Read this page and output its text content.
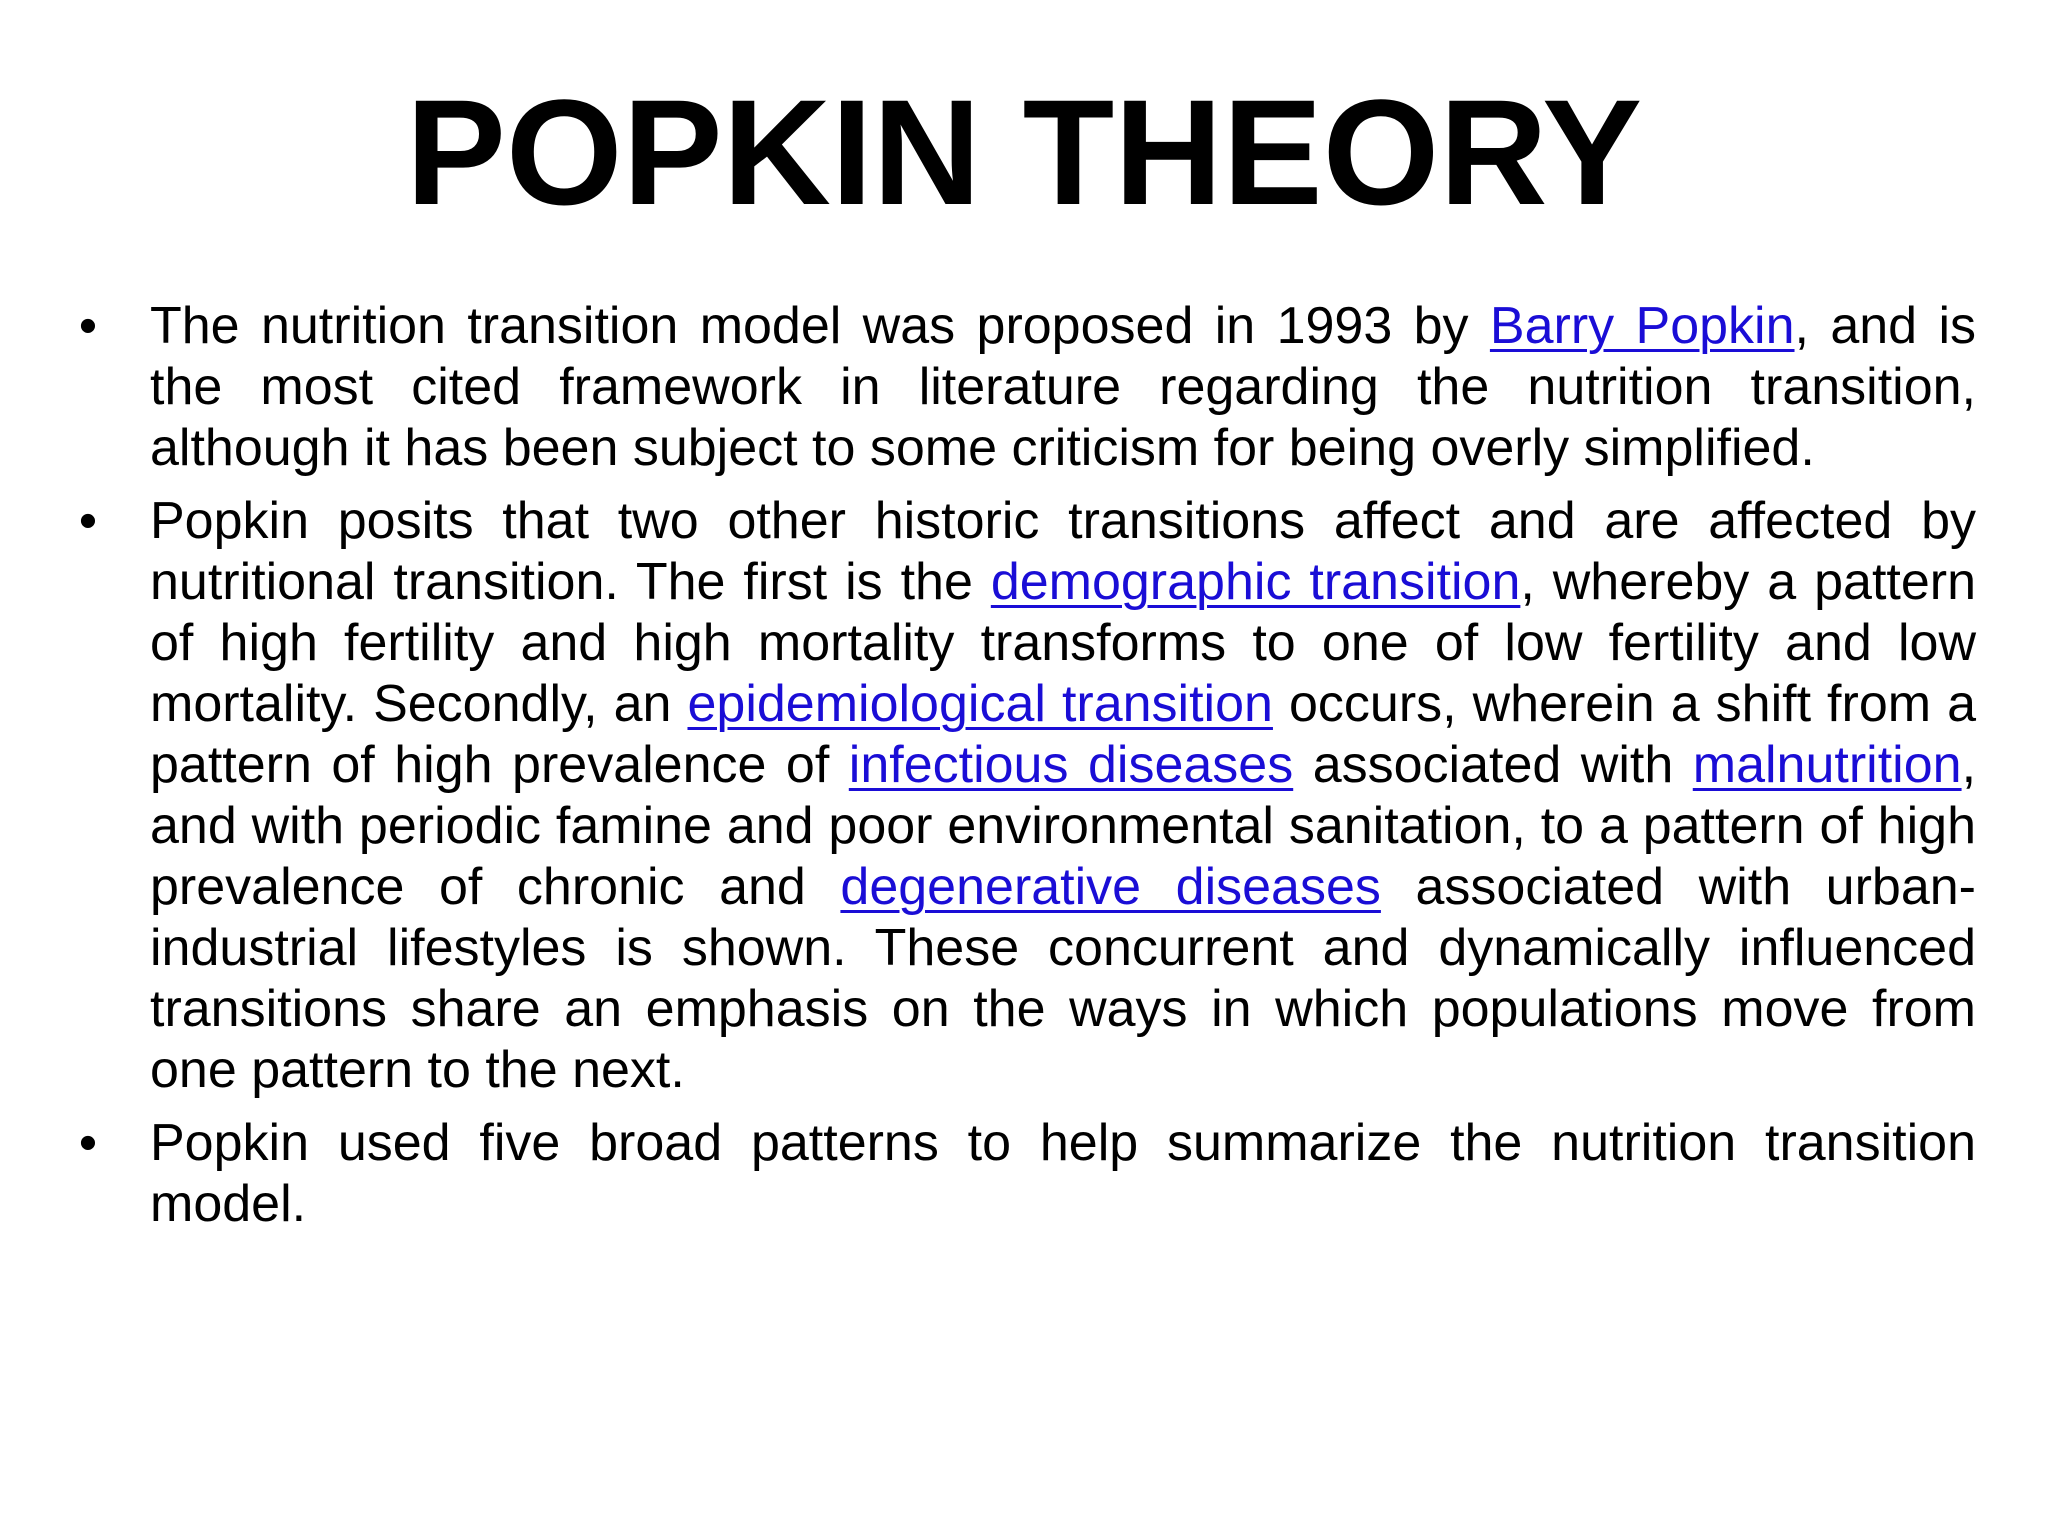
POPKIN THEORY
• The nutrition transition model was proposed in 1993 by Barry Popkin, and is the most cited framework in literature regarding the nutrition transition, although it has been subject to some criticism for being overly simplified.
• Popkin posits that two other historic transitions affect and are affected by nutritional transition. The first is the demographic transition, whereby a pattern of high fertility and high mortality transforms to one of low fertility and low mortality. Secondly, an epidemiological transition occurs, wherein a shift from a pattern of high prevalence of infectious diseases associated with malnutrition, and with periodic famine and poor environmental sanitation, to a pattern of high prevalence of chronic and degenerative diseases associated with urban-industrial lifestyles is shown. These concurrent and dynamically influenced transitions share an emphasis on the ways in which populations move from one pattern to the next.
• Popkin used five broad patterns to help summarize the nutrition transition model.
